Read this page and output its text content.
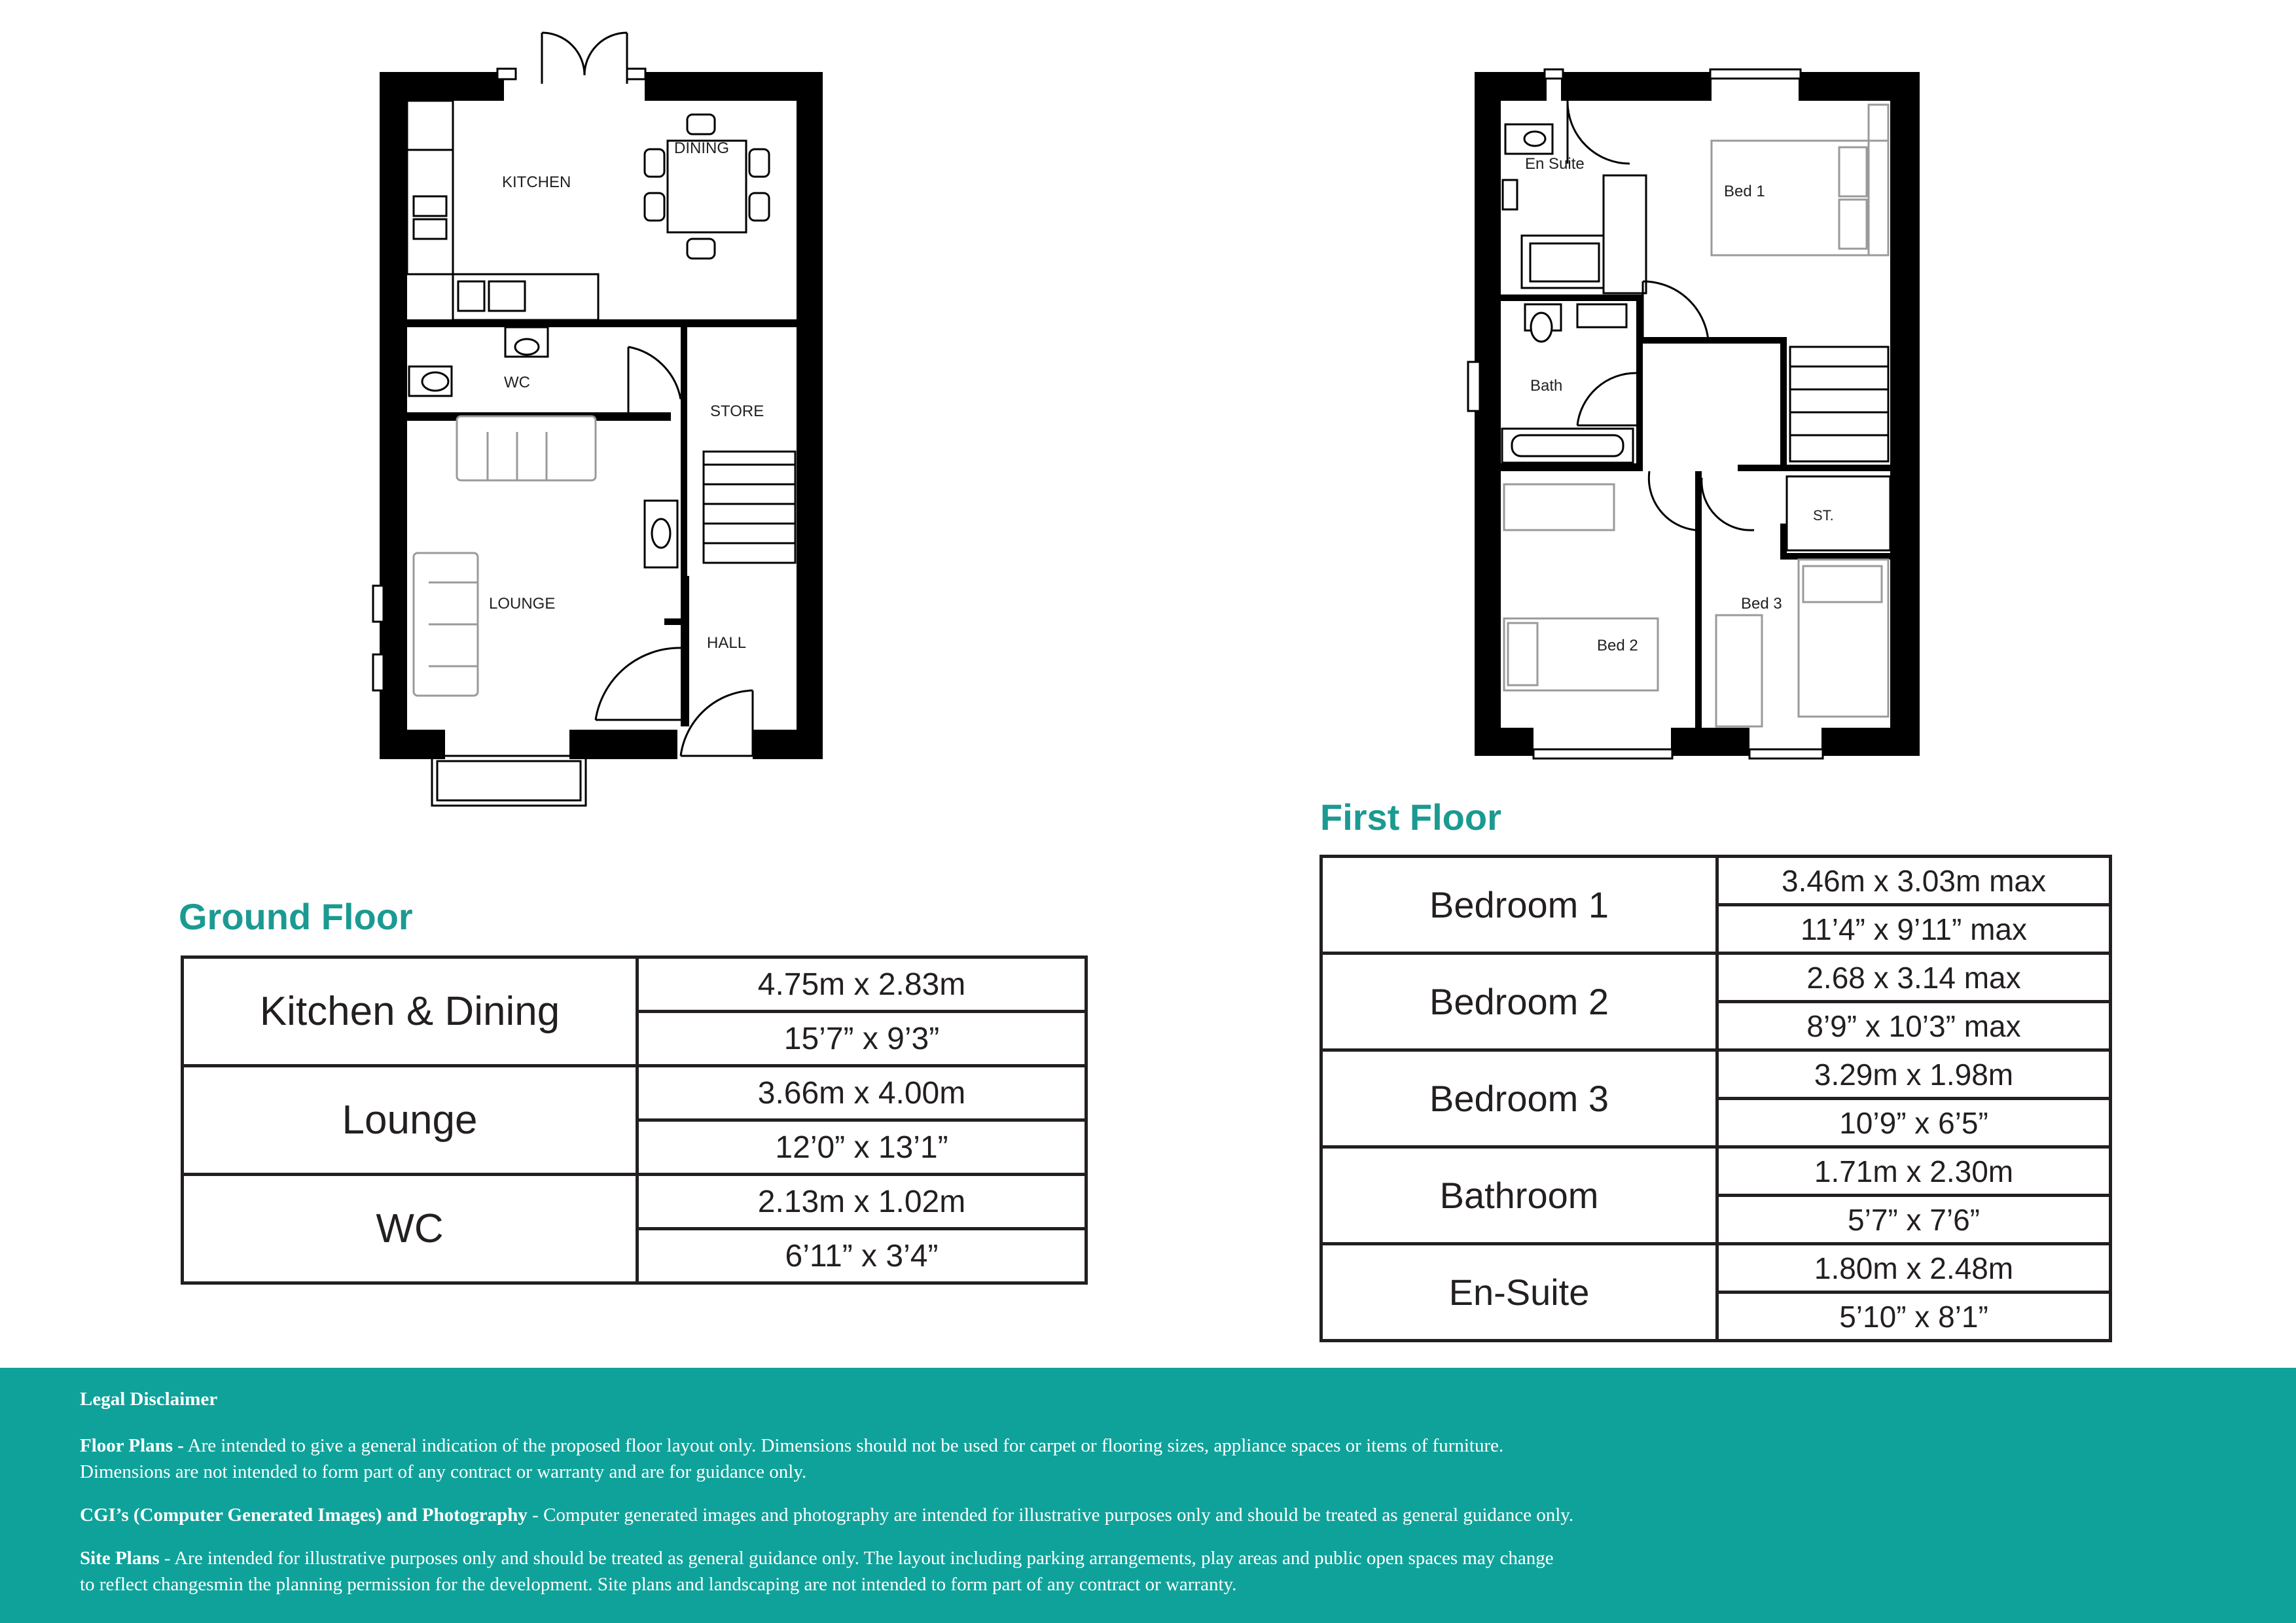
KITCHEN
DINING
WC
STORE
LOUNGE
HALL
En Suite
Bed 1
Bath
ST.
Bed 2
Bed 3
Ground Floor
First Floor
Kitchen & Dining	4.75m x 2.83m
	15’7” x 9’3”
Lounge	3.66m x 4.00m
	12’0” x 13’1”
WC	2.13m x 1.02m
	6’11” x 3’4”
Bedroom 1	3.46m x 3.03m max
	11’4” x 9’11” max
Bedroom 2	2.68 x 3.14 max
	8’9” x 10’3” max
Bedroom 3	3.29m x 1.98m
	10’9” x 6’5”
Bathroom	1.71m x 2.30m
	5’7” x 7’6”
En-Suite	1.80m x 2.48m
	5’10” x 8’1”
Legal Disclaimer

Floor Plans - Are intended to give a general indication of the proposed floor layout only. Dimensions should not be used for carpet or flooring sizes, appliance spaces or items of furniture.
Dimensions are not intended to form part of any contract or warranty and are for guidance only.

CGI’s (Computer Generated Images) and Photography - Computer generated images and photography are intended for illustrative purposes only and should be treated as general guidance only.

Site Plans - Are intended for illustrative purposes only and should be treated as general guidance only. The layout including parking arrangements, play areas and public open spaces may change
to reflect changesmin the planning permission for the development. Site plans and landscaping are not intended to form part of any contract or warranty.
